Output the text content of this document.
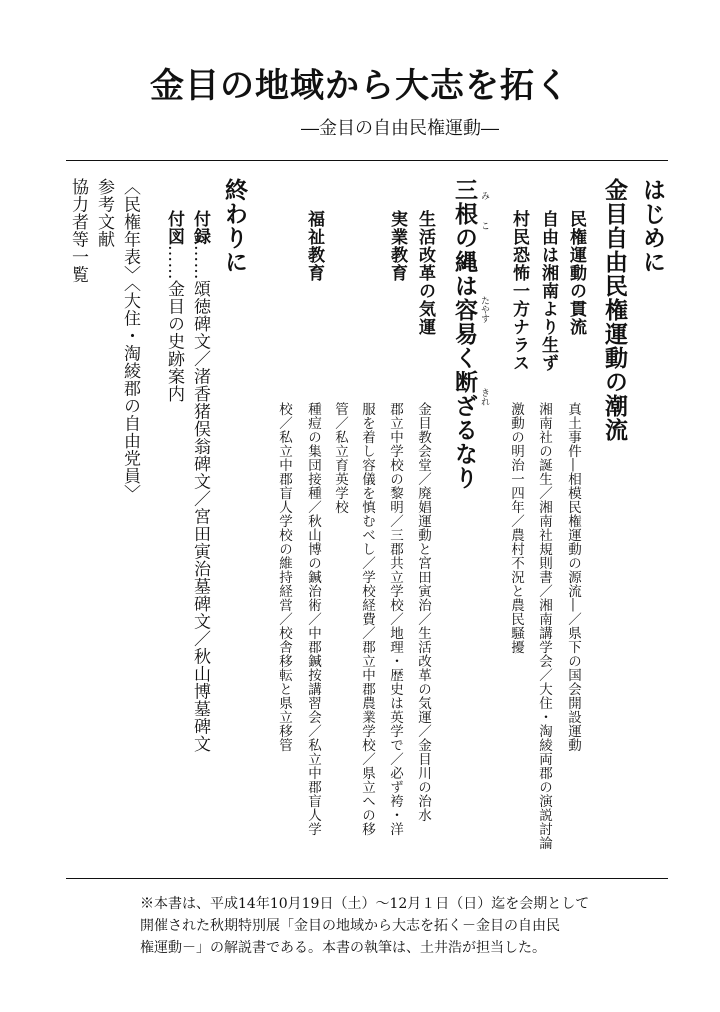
金目の地域から大志を拓く
―金目の自由民権運動―
はじめに
金目自由民権運動の潮流
民権運動の貫流
真土事件―相模民権運動の源流―／県下の国会開設運動
自由は湘南より生ず
湘南社の誕生／湘南社規則書／湘南講学会／大住・淘綾両郡の演説討論
村民恐怖一方ナラス
激動の明治一四年／農村不況と農民騒擾
三根の縄は容易く断ざるなり み
こ
たやす
きれ
生活改革の気運
金目教会堂／廃娼運動と宮田寅治／生活改革の気運／金目川の治水
実業教育
郡立中学校の黎明／三郡共立学校／地理・歴史は英学で／必ず袴・洋
服を着し容儀を慎むべし／学校経費／郡立中郡農業学校／県立への移
管／私立育英学校
福祉教育
種痘の集団接種／秋山博の鍼治術／中郡鍼按講習会／私立中郡盲人学
校／私立中郡盲人学校の維持経営／校舎移転と県立移管
終わりに
付録……頌徳碑文／渚香猪俣翁碑文／宮田寅治墓碑文／秋山博墓碑文
付図……金目の史跡案内
〈民権年表〉〈大住・淘綾郡の自由党員〉
参考文献
協力者等一覧
※本書は、平成14年10月19日（土）～12月１日（日）迄を会期として
開催された秋期特別展「金目の地域から大志を拓く－金目の自由民
権運動－」の解説書である。本書の執筆は、土井浩が担当した。
